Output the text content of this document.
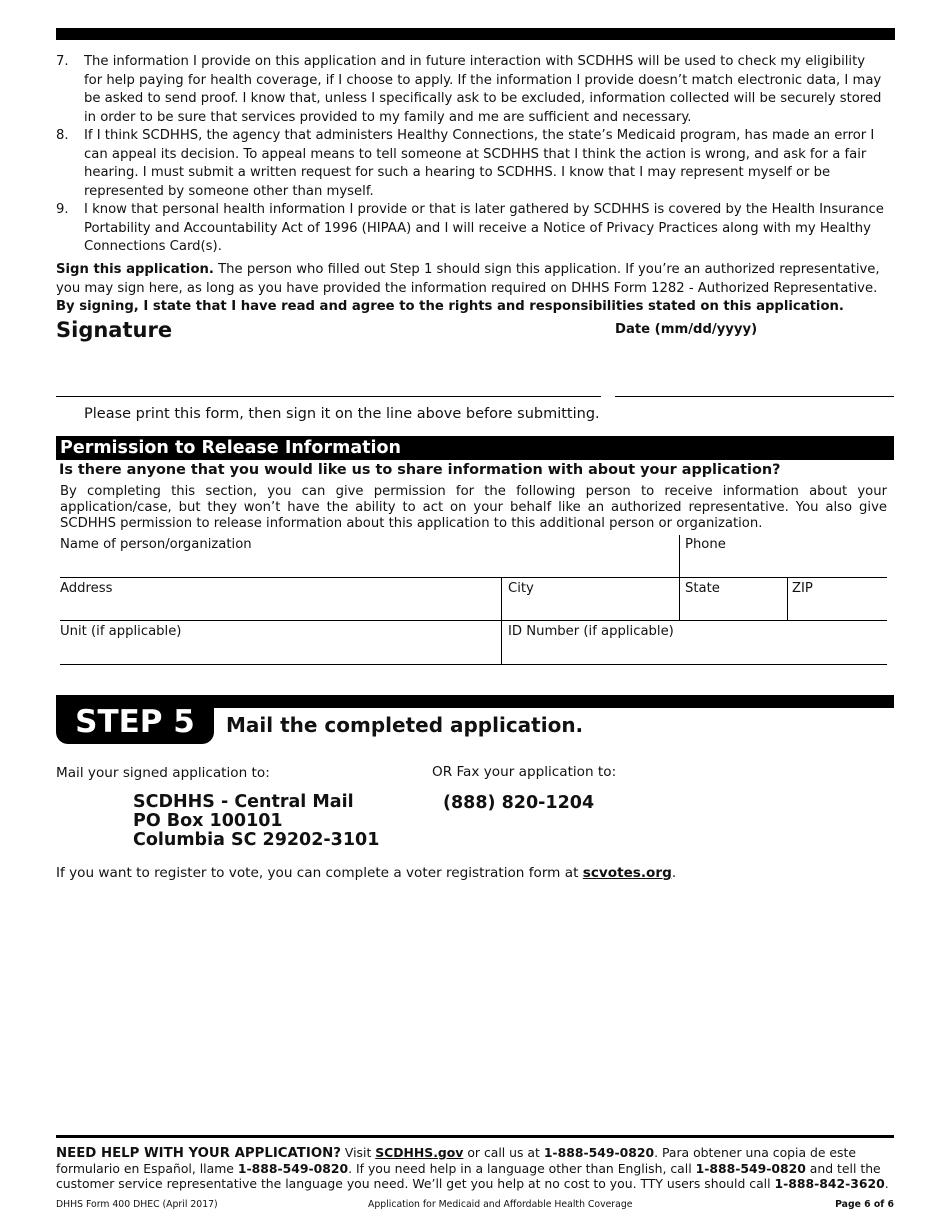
7.	The information I provide on this application and in future interaction with SCDHHS will be used to check my eligibility for help paying for health coverage, if I choose to apply. If the information I provide doesn’t match electronic data, I may be asked to send proof. I know that, unless I specifically ask to be excluded, information collected will be securely stored in order to be sure that services provided to my family and me are sufficient and necessary.
8.	If I think SCDHHS, the agency that administers Healthy Connections, the state’s Medicaid program, has made an error I can appeal its decision. To appeal means to tell someone at SCDHHS that I think the action is wrong, and ask for a fair hearing. I must submit a written request for such a hearing to SCDHHS. I know that I may represent myself or be represented by someone other than myself.
9.	I know that personal health information I provide or that is later gathered by SCDHHS is covered by the Health Insurance Portability and Accountability Act of 1996 (HIPAA) and I will receive a Notice of Privacy Practices along with my Healthy Connections Card(s).
Sign this application. The person who filled out Step 1 should sign this application. If you’re an authorized representative, you may sign here, as long as you have provided the information required on DHHS Form 1282 - Authorized Representative.
By signing, I state that I have read and agree to the rights and responsibilities stated on this application.
Signature	Date (mm/dd/yyyy)
Please print this form, then sign it on the line above before submitting.
Permission to Release Information
Is there anyone that you would like us to share information with about your application?
By completing this section, you can give permission for the following person to receive information about your application/case, but they won’t have the ability to act on your behalf like an authorized representative. You also give SCDHHS permission to release information about this application to this additional person or organization.
Name of person/organization	Phone
Address	City	State	ZIP
Unit (if applicable)	ID Number (if applicable)
STEP 5	Mail the completed application.
Mail your signed application to:	OR Fax your application to:
SCDHHS - Central Mail
PO Box 100101
Columbia SC 29202-3101
(888) 820-1204
If you want to register to vote, you can complete a voter registration form at scvotes.org.
NEED HELP WITH YOUR APPLICATION? Visit SCDHHS.gov or call us at 1-888-549-0820. Para obtener una copia de este formulario en Español, llame 1-888-549-0820. If you need help in a language other than English, call 1-888-549-0820 and tell the customer service representative the language you need. We’ll get you help at no cost to you. TTY users should call 1-888-842-3620.
DHHS Form 400 DHEC (April 2017)	Application for Medicaid and Affordable Health Coverage	Page 6 of 6
